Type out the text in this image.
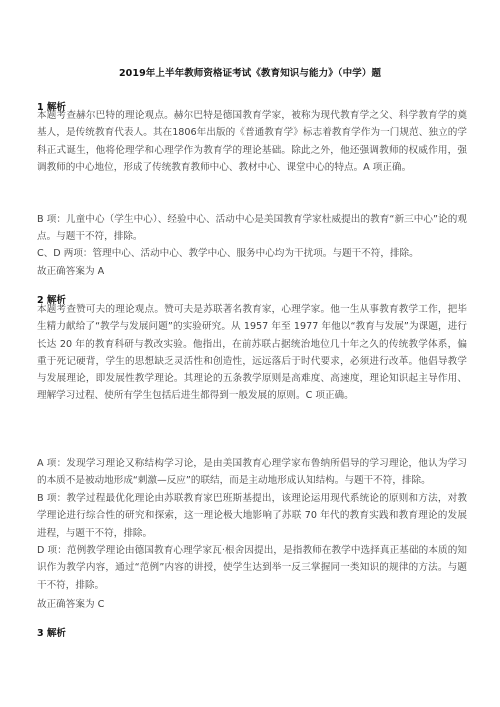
2019年上半年教师资格证考试《教育知识与能力》（中学）题
1 解析

本题考查赫尔巴特的理论观点。赫尔巴特是德国教育学家，被称为现代教育学之父、科学教育学的奠基人，是传统教育代表人。其在1806年出版的《普通教育学》标志着教育学作为一门规范、独立的学科正式诞生，他将伦理学和心理学作为教育学的理论基础。除此之外，他还强调教师的权威作用，强调教师的中心地位，形成了传统教育教师中心、教材中心、课堂中心的特点。A 项正确。

B 项：儿童中心（学生中心）、经验中心、活动中心是美国教育学家杜威提出的教育“新三中心”论的观点。与题干不符，排除。

C、D 两项：管理中心、活动中心、教学中心、服务中心均为干扰项。与题干不符，排除。

故正确答案为 A

2 解析

本题考查赞可夫的理论观点。赞可夫是苏联著名教育家，心理学家。他一生从事教育教学工作，把毕生精力献给了“教学与发展问题”的实验研究。从 1957 年至 1977 年他以“教育与发展”为课题，进行长达 20 年的教育科研与教改实验。他指出，在前苏联占据统治地位几十年之久的传统教学体系，偏重于死记硬背，学生的思想缺乏灵活性和创造性，远远落后于时代要求，必须进行改革。他倡导教学与发展理论，即发展性教学理论。其理论的五条教学原则是高难度、高速度，理论知识起主导作用、理解学习过程、使所有学生包括后进生都得到一般发展的原则。C 项正确。

A 项：发现学习理论又称结构学习论，是由美国教育心理学家布鲁纳所倡导的学习理论，他认为学习的本质不是被动地形成“刺激—反应”的联结，而是主动地形成认知结构。与题干不符，排除。

B 项：教学过程最优化理论由苏联教育家巴班斯基提出，该理论运用现代系统论的原则和方法，对教学理论进行综合性的研究和探索，这一理论极大地影响了苏联 70 年代的教育实践和教育理论的发展进程，与题干不符，排除。

D 项：范例教学理论由德国教育心理学家瓦·根舍因提出，是指教师在教学中选择真正基础的本质的知识作为教学内容，通过“范例”内容的讲授，使学生达到举一反三掌握同一类知识的规律的方法。与题干不符，排除。

故正确答案为 C

3 解析
